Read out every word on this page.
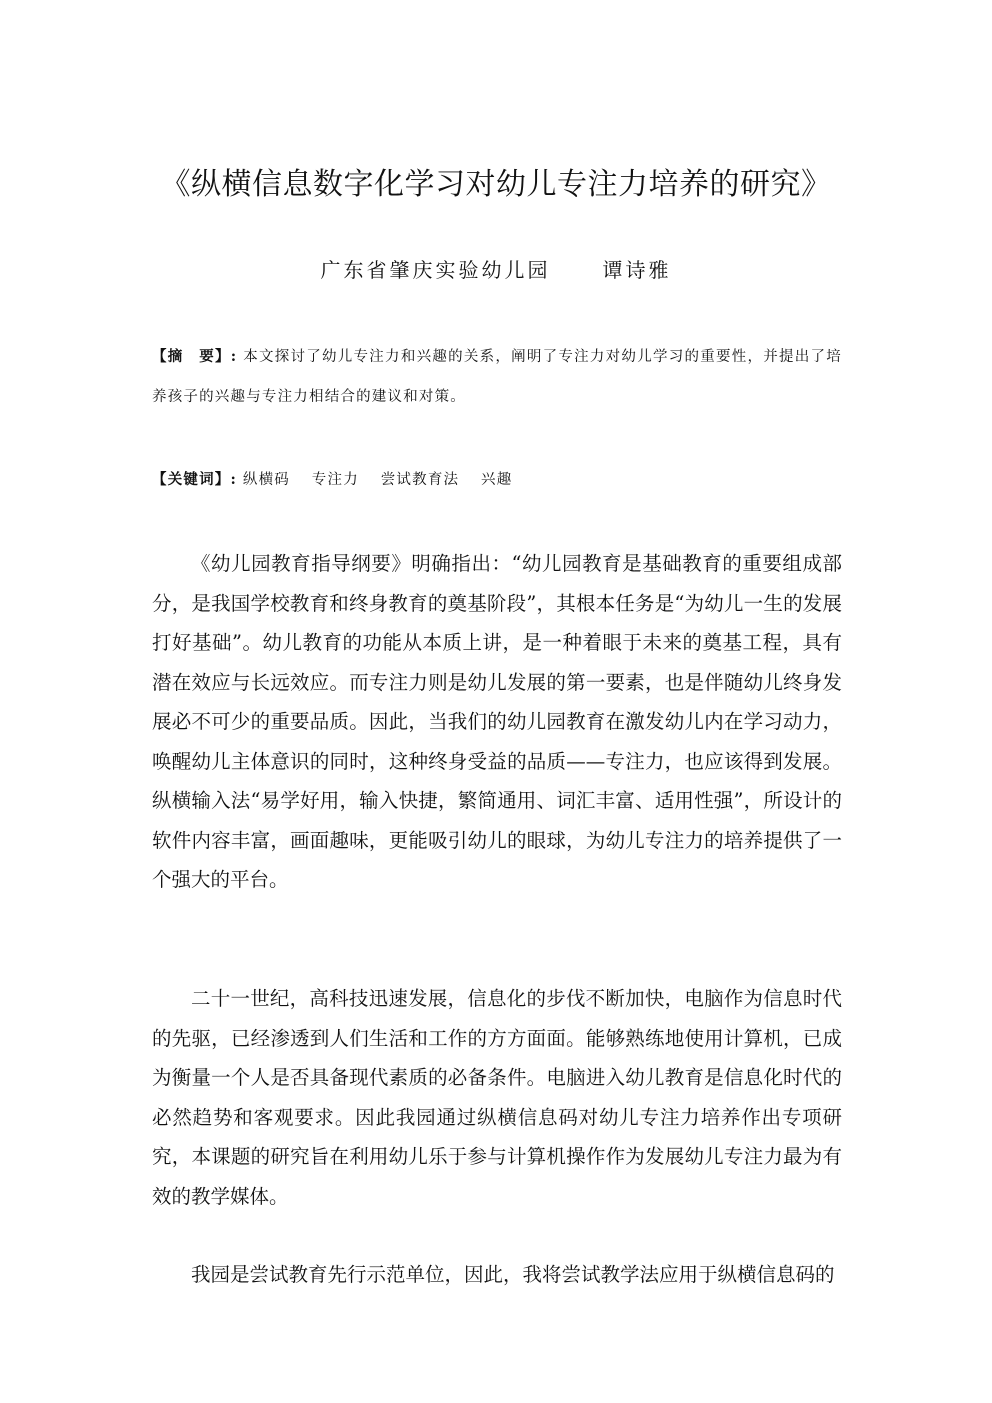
《纵横信息数字化学习对幼儿专注力培养的研究》
广东省肇庆实验幼儿园	谭诗雅
【摘　要】: 本文探讨了幼儿专注力和兴趣的关系，阐明了专注力对幼儿学习的重要性，并提出了培养孩子的兴趣与专注力相结合的建议和对策。
【关键词】: 纵横码 专注力 尝试教育法 兴趣

《幼儿园教育指导纲要》明确指出：“幼儿园教育是基础教育的重要组成部分，是我国学校教育和终身教育的奠基阶段”，其根本任务是“为幼儿一生的发展打好基础”。幼儿教育的功能从本质上讲，是一种着眼于未来的奠基工程，具有潜在效应与长远效应。而专注力则是幼儿发展的第一要素，也是伴随幼儿终身发展必不可少的重要品质。因此，当我们的幼儿园教育在激发幼儿内在学习动力，唤醒幼儿主体意识的同时，这种终身受益的品质——专注力，也应该得到发展。纵横输入法“易学好用，输入快捷，繁简通用、词汇丰富、适用性强”，所设计的软件内容丰富，画面趣味，更能吸引幼儿的眼球，为幼儿专注力的培养提供了一个强大的平台。

二十一世纪，高科技迅速发展，信息化的步伐不断加快，电脑作为信息时代的先驱，已经渗透到人们生活和工作的方方面面。能够熟练地使用计算机，已成为衡量一个人是否具备现代素质的必备条件。电脑进入幼儿教育是信息化时代的必然趋势和客观要求。因此我园通过纵横信息码对幼儿专注力培养作出专项研究，本课题的研究旨在利用幼儿乐于参与计算机操作作为发展幼儿专注力最为有效的教学媒体。

我园是尝试教育先行示范单位，因此，我将尝试教学法应用于纵横信息码的
